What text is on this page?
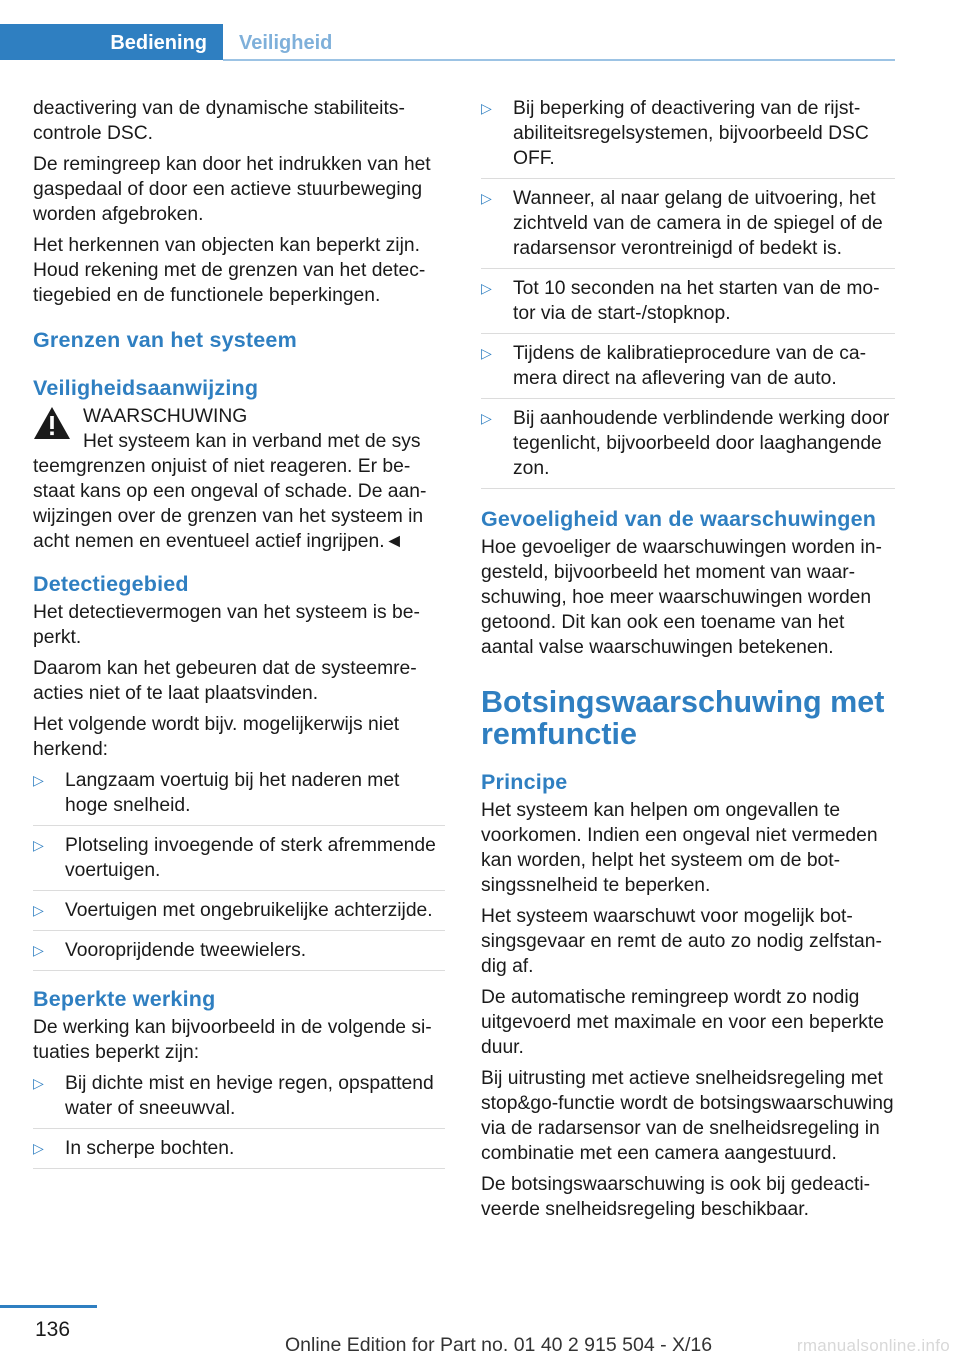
Bediening	Veiligheid

deactivering van de dynamische stabiliteitscontrole DSC.

De remingreep kan door het indrukken van het gaspedaal of door een actieve stuurbeweging worden afgebroken.

Het herkennen van objecten kan beperkt zijn. Houd rekening met de grenzen van het detectiegebied en de functionele beperkingen.

Grenzen van het systeem
Veiligheidsaanwijzing

WAARSCHUWING

Het systeem kan in verband met de sys
teemgrenzen onjuist of niet reageren. Er bestaat kans op een ongeval of schade. De aanwijzingen over de grenzen van het systeem in acht nemen en eventueel actief ingrijpen.◄

Detectiegebied

Het detectievermogen van het systeem is beperkt.

Daarom kan het gebeuren dat de systeemreacties niet of te laat plaatsvinden.

Het volgende wordt bijv. mogelijkerwijs niet herkend:

▷ Langzaam voertuig bij het naderen met hoge snelheid.
▷ Plotseling invoegende of sterk afremmende voertuigen.
▷ Voertuigen met ongebruikelijke achterzijde.
▷ Vooroprijdende tweewielers.
Beperkte werking

De werking kan bijvoorbeeld in de volgende situaties beperkt zijn:

▷ Bij dichte mist en hevige regen, opspattend water of sneeuwval.
▷ In scherpe bochten.
▷ Bij beperking of deactivering van de rijstabiliteitsregelsystemen, bijvoorbeeld DSC OFF.
▷ Wanneer, al naar gelang de uitvoering, het zichtveld van de camera in de spiegel of de radarsensor verontreinigd of bedekt is.
▷ Tot 10 seconden na het starten van de motor via de start-/stopknop.
▷ Tijdens de kalibratieprocedure van de camera direct na aflevering van de auto.
▷ Bij aanhoudende verblindende werking door tegenlicht, bijvoorbeeld door laaghangende zon.
Gevoeligheid van de waarschuwingen

Hoe gevoeliger de waarschuwingen worden ingesteld, bijvoorbeeld het moment van waarschuwing, hoe meer waarschuwingen worden getoond. Dit kan ook een toename van het aantal valse waarschuwingen betekenen.

Botsingswaarschuwing met remfunctie
Principe

Het systeem kan helpen om ongevallen te voorkomen. Indien een ongeval niet vermeden kan worden, helpt het systeem om de botsingssnelheid te beperken.

Het systeem waarschuwt voor mogelijk botsingsgevaar en remt de auto zo nodig zelfstandig af.

De automatische remingreep wordt zo nodig uitgevoerd met maximale en voor een beperkte duur.

Bij uitrusting met actieve snelheidsregeling met stop&go-functie wordt de botsingswaarschuwing via de radarsensor van de snelheidsregeling in combinatie met een camera aangestuurd.

De botsingswaarschuwing is ook bij gedeactiveerde snelheidsregeling beschikbaar.

136
Online Edition for Part no. 01 40 2 915 504 - X/16	rmanualsonline.info
